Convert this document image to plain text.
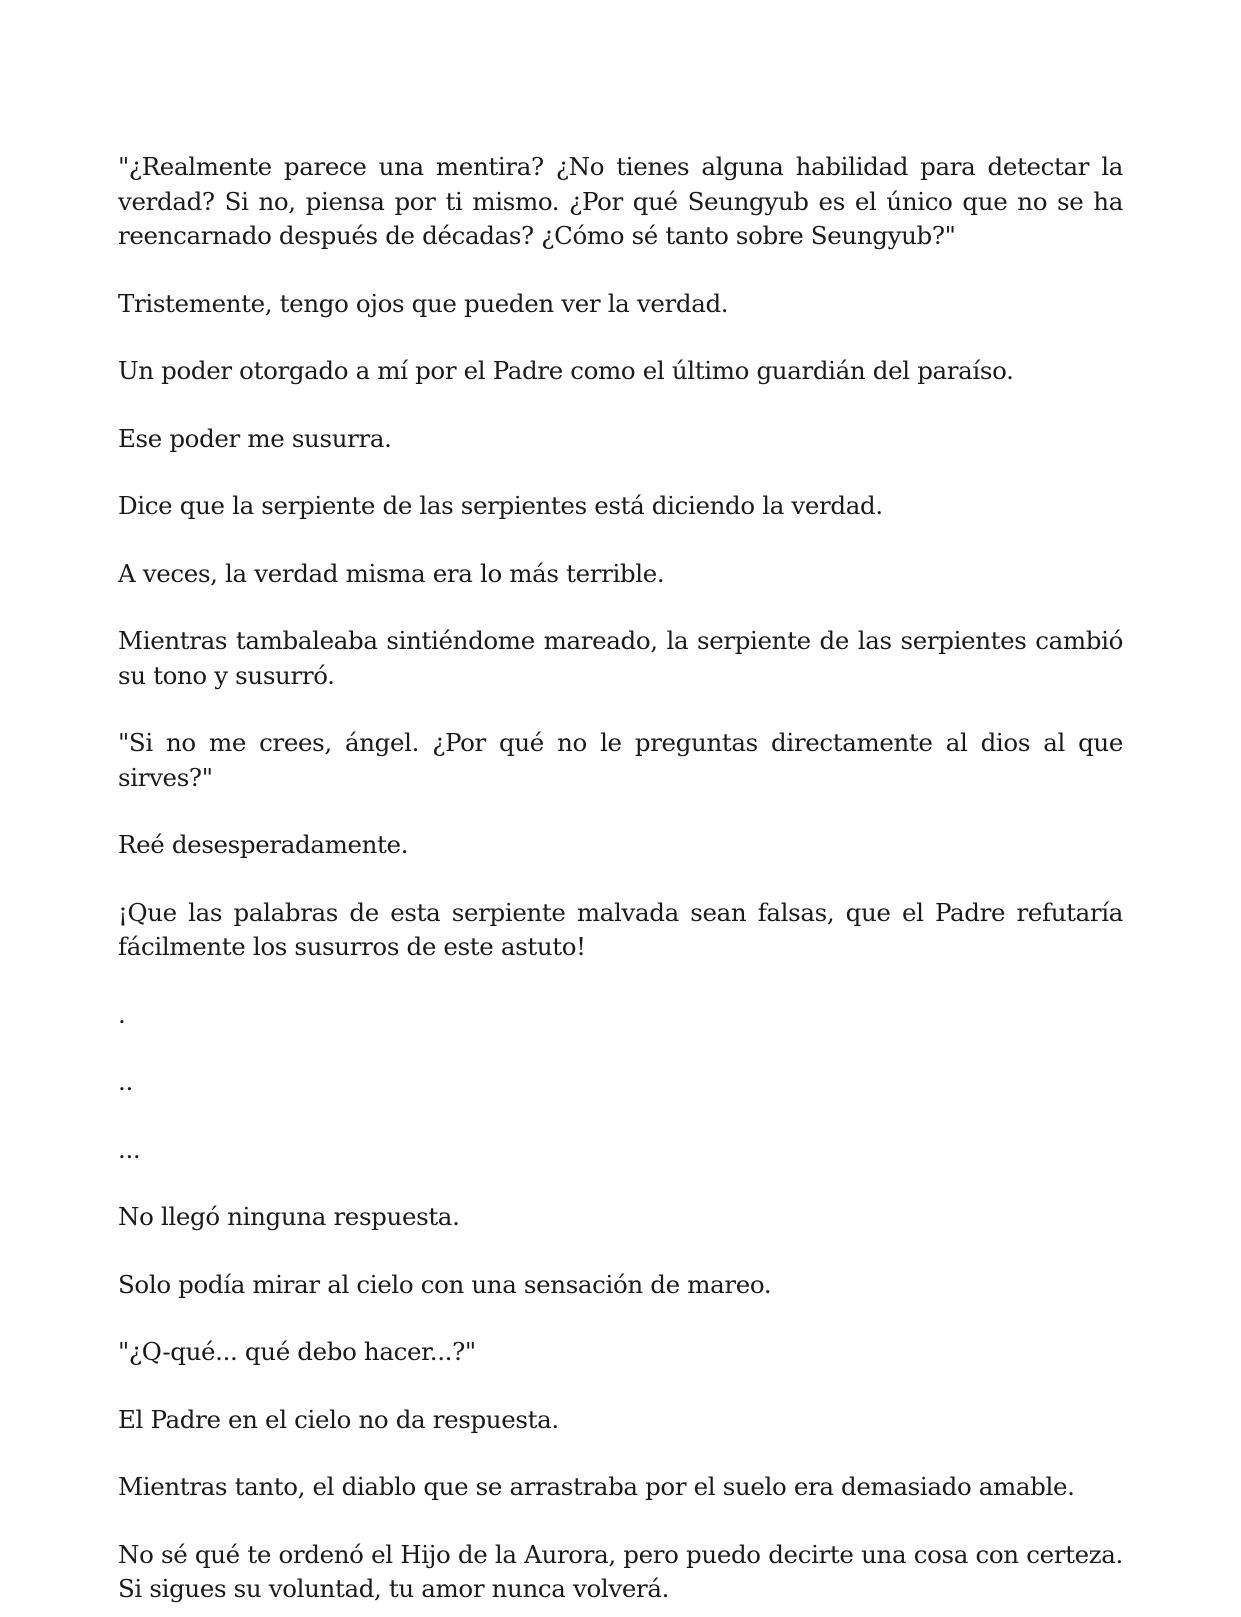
"¿Realmente parece una mentira? ¿No tienes alguna habilidad para detectar la verdad? Si no, piensa por ti mismo. ¿Por qué Seungyub es el único que no se ha reencarnado después de décadas? ¿Cómo sé tanto sobre Seungyub?"

Tristemente, tengo ojos que pueden ver la verdad.

Un poder otorgado a mí por el Padre como el último guardián del paraíso.

Ese poder me susurra.

Dice que la serpiente de las serpientes está diciendo la verdad.

A veces, la verdad misma era lo más terrible.

Mientras tambaleaba sintiéndome mareado, la serpiente de las serpientes cambió su tono y susurró.

"Si no me crees, ángel. ¿Por qué no le preguntas directamente al dios al que sirves?"

Reé desesperadamente.

¡Que las palabras de esta serpiente malvada sean falsas, que el Padre refutaría fácilmente los susurros de este astuto!

.

..

...

No llegó ninguna respuesta.

Solo podía mirar al cielo con una sensación de mareo.

"¿Q-qué... qué debo hacer...?"

El Padre en el cielo no da respuesta.

Mientras tanto, el diablo que se arrastraba por el suelo era demasiado amable.

No sé qué te ordenó el Hijo de la Aurora, pero puedo decirte una cosa con certeza. Si sigues su voluntad, tu amor nunca volverá.
